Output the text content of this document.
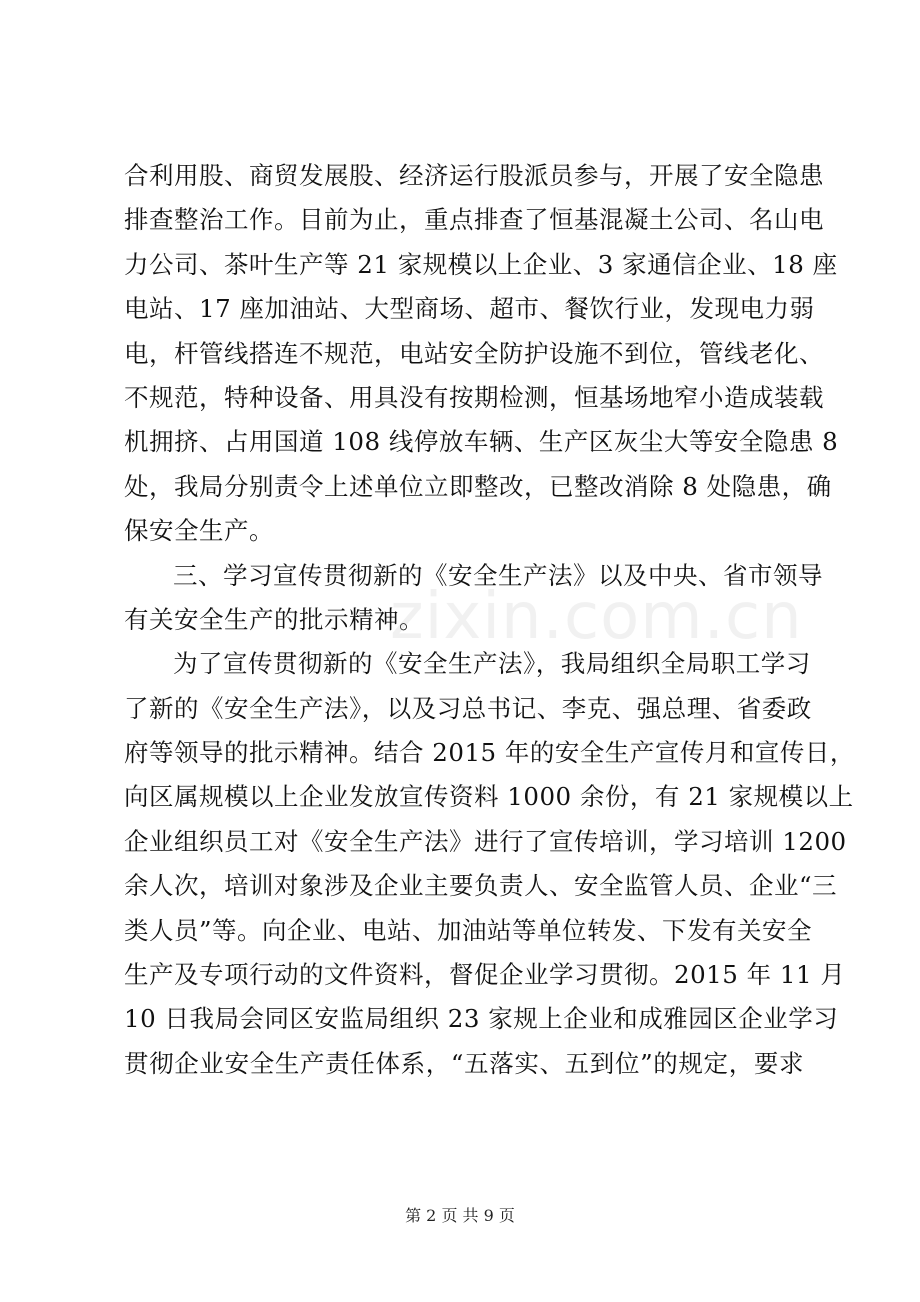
合利用股、商贸发展股、经济运行股派员参与，开展了安全隐患
排查整治工作。目前为止，重点排查了恒基混凝土公司、名山电
力公司、茶叶生产等 21 家规模以上企业、3 家通信企业、18 座
电站、17 座加油站、大型商场、超市、餐饮行业，发现电力弱
电，杆管线搭连不规范，电站安全防护设施不到位，管线老化、
不规范，特种设备、用具没有按期检测，恒基场地窄小造成装载
机拥挤、占用国道 108 线停放车辆、生产区灰尘大等安全隐患 8
处，我局分别责令上述单位立即整改，已整改消除 8 处隐患，确
保安全生产。
三、学习宣传贯彻新的《安全生产法》以及中央、省市领导
有关安全生产的批示精神。
为了宣传贯彻新的《安全生产法》，我局组织全局职工学习
了新的《安全生产法》，以及习总书记、李克、强总理、省委政
府等领导的批示精神。结合 2015 年的安全生产宣传月和宣传日，
向区属规模以上企业发放宣传资料 1000 余份，有 21 家规模以上
企业组织员工对《安全生产法》进行了宣传培训，学习培训 1200
余人次，培训对象涉及企业主要负责人、安全监管人员、企业“三
类人员”等。向企业、电站、加油站等单位转发、下发有关安全
生产及专项行动的文件资料，督促企业学习贯彻。2015 年 11 月
10 日我局会同区安监局组织 23 家规上企业和成雅园区企业学习
贯彻企业安全生产责任体系，“五落实、五到位”的规定，要求
zixin.com.cn
第 2 页 共 9 页
